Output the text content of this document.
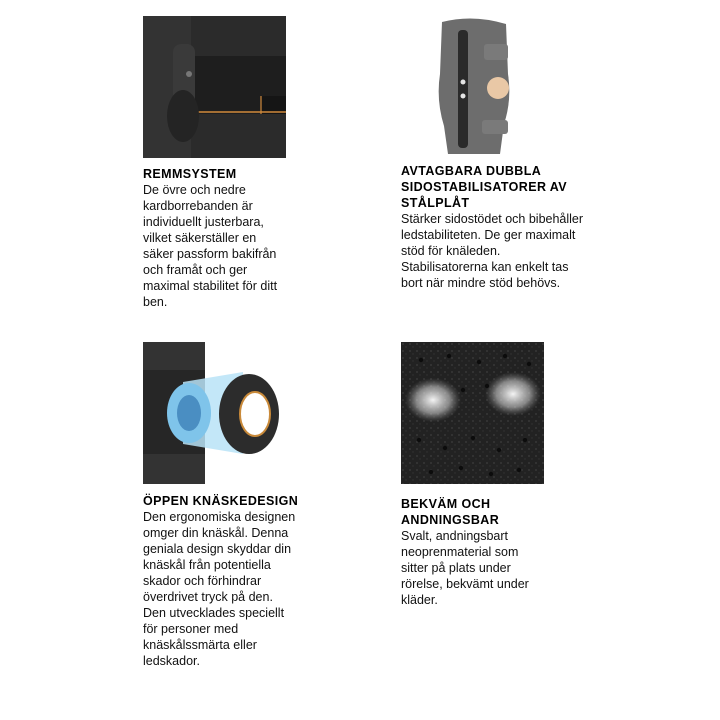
REMMSYSTEM
De övre och nedre
kardborrebanden är
individuellt justerbara,
vilket säkerställer en
säker passform bakifrån
och framåt och ger
maximal stabilitet för ditt
ben.
AVTAGBARA DUBBLA
SIDOSTABILISATORER AV
STÅLPLÅT
Stärker sidostödet och bibehåller
ledstabiliteten. De ger maximalt
stöd för knäleden.
Stabilisatorerna kan enkelt tas
bort när mindre stöd behövs.
ÖPPEN KNÄSKEDESIGN
Den ergonomiska designen
omger din knäskål. Denna
geniala design skyddar din
knäskål från potentiella
skador och förhindrar
överdrivet tryck på den.
Den utvecklades speciellt
för personer med
knäskålssmärta eller
ledskador.
BEKVÄM OCH
ANDNINGSBAR
Svalt, andningsbart
neoprenmaterial som
sitter på plats under
rörelse, bekvämt under
kläder.
